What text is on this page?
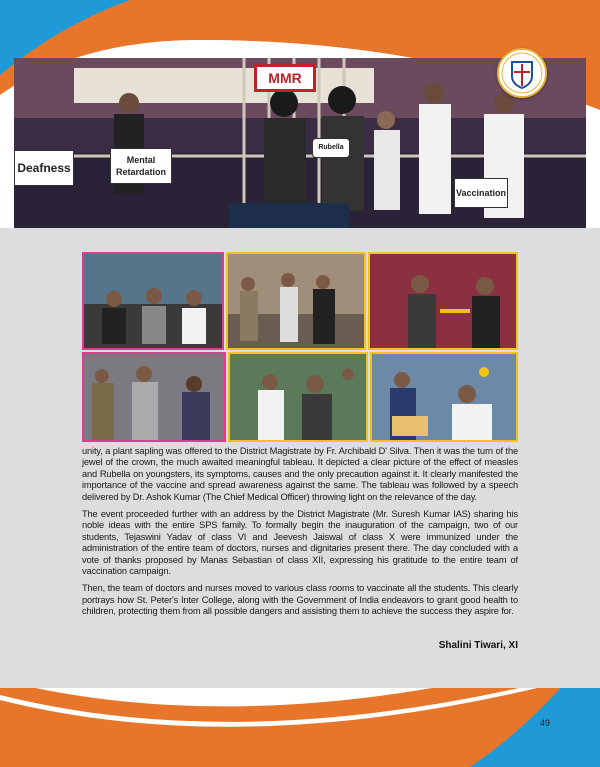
MMR
Deafness
Mental Retardation
Rubella
Vaccination

unity, a plant sapling was offered to the District Magistrate by Fr. Archibald D' Silva. Then it was the turn of the jewel of the crown, the much awaited meaningful tableau. It depicted a clear picture of the effect of measles and Rubella on youngsters, its symptoms, causes and the only precaution against it. It clearly manifested the importance of the vaccine and spread awareness against the same. The tableau was followed by a speech delivered by Dr. Ashok Kumar (The Chief Medical Officer) throwing light on the relevance of the day.

The event proceeded further with an address by the District Magistrate (Mr. Suresh Kumar IAS) sharing his noble ideas with the entire SPS family. To formally begin the inauguration of the campaign, two of our students, Tejaswini Yadav of class VI and Jeevesh Jaiswal of class X were immunized under the administration of the entire team of doctors, nurses and dignitaries present there. The day concluded with a vote of thanks proposed by Manas Sebastian of class XII, expressing his gratitude to the entire team of vaccination campaign.

Then, the team of doctors and nurses moved to various class rooms to vaccinate all the students. This clearly portrays how St. Peter's Inter College, along with the Government of India endeavors to grant good health to children, protecting them from all possible dangers and assisting them to achieve the success they aspire for.

Shalini Tiwari, XI
49
